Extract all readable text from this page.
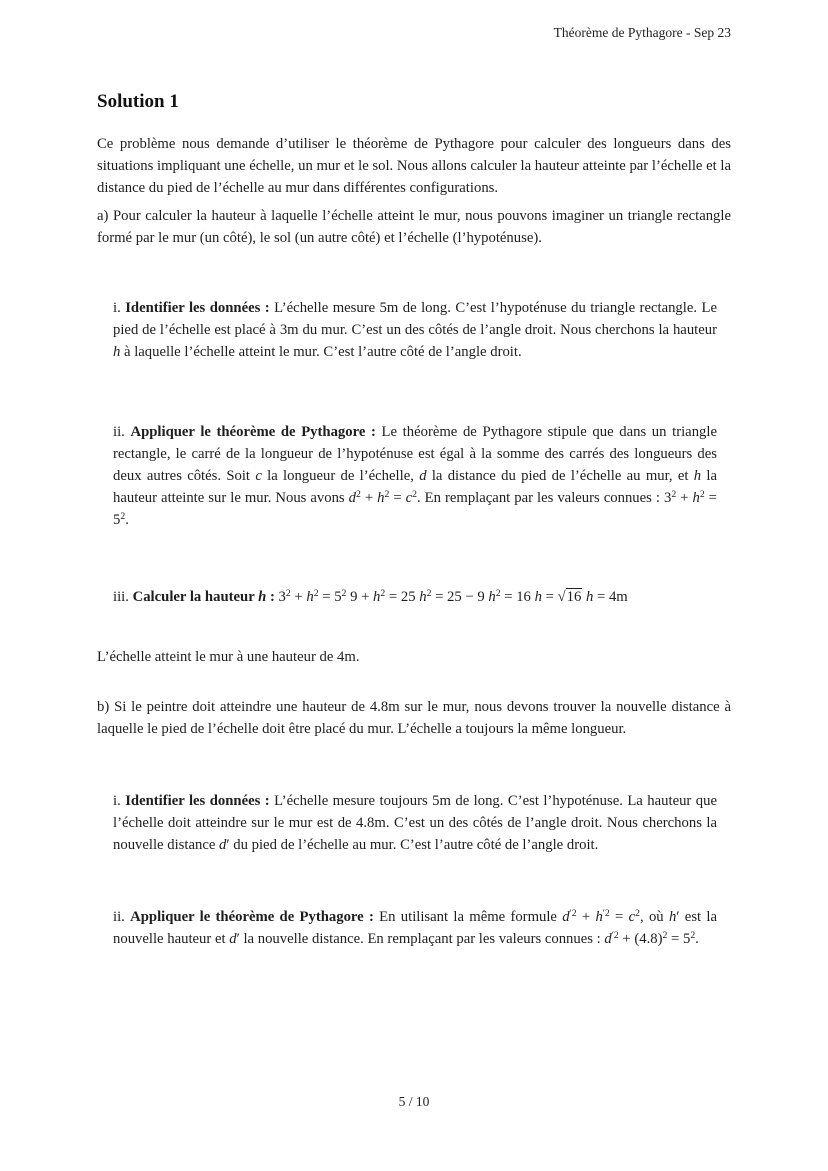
Théorème de Pythagore - Sep 23
Solution 1

Ce problème nous demande d’utiliser le théorème de Pythagore pour calculer des longueurs dans des situations impliquant une échelle, un mur et le sol. Nous allons calculer la hauteur atteinte par l’échelle et la distance du pied de l’échelle au mur dans différentes configurations.

a) Pour calculer la hauteur à laquelle l’échelle atteint le mur, nous pouvons imaginer un triangle rectangle formé par le mur (un côté), le sol (un autre côté) et l’échelle (l’hypoténuse).

i. Identifier les données : L’échelle mesure 5m de long. C’est l’hypoténuse du triangle rectangle. Le pied de l’échelle est placé à 3m du mur. C’est un des côtés de l’angle droit. Nous cherchons la hauteur h à laquelle l’échelle atteint le mur. C’est l’autre côté de l’angle droit.
ii. Appliquer le théorème de Pythagore : Le théorème de Pythagore stipule que dans un triangle rectangle, le carré de la longueur de l’hypoténuse est égal à la somme des carrés des longueurs des deux autres côtés. Soit c la longueur de l’échelle, d la distance du pied de l’échelle au mur, et h la hauteur atteinte sur le mur. Nous avons $d^2 + h^2 = c^2$. En remplaçant par les valeurs connues : $3^2 + h^2 = 5^2$.
iii. Calculer la hauteur h : $3^2 + h^2 = 5^2$ $9 + h^2 = 25$ $h^2 = 25 - 9$ $h^2 = 16$ h = √16 h = 4m

L’échelle atteint le mur à une hauteur de 4m.

b) Si le peintre doit atteindre une hauteur de 4.8m sur le mur, nous devons trouver la nouvelle distance à laquelle le pied de l’échelle doit être placé du mur. L’échelle a toujours la même longueur.

i. Identifier les données : L’échelle mesure toujours 5m de long. C’est l’hypoténuse. La hauteur que l’échelle doit atteindre sur le mur est de 4.8m. C’est un des côtés de l’angle droit. Nous cherchons la nouvelle distance d′ du pied de l’échelle au mur. C’est l’autre côté de l’angle droit.
ii. Appliquer le théorème de Pythagore : En utilisant la même formule $d^{'2} + h^{'2} = c^2$, où h′ est la nouvelle hauteur et d′ la nouvelle distance. En remplaçant par les valeurs connues : $d^{'2} + (4.8)^2 = 5^2$.
5 / 10
